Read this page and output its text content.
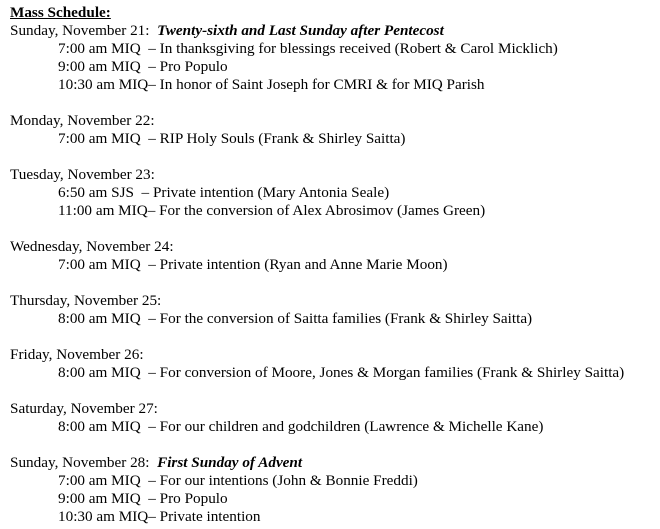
Mass Schedule:
Sunday, November 21: Twenty-sixth and Last Sunday after Pentecost
7:00 am MIQ – In thanksgiving for blessings received (Robert & Carol Micklich)
9:00 am MIQ – Pro Populo
10:30 am MIQ– In honor of Saint Joseph for CMRI & for MIQ Parish
Monday, November 22:
7:00 am MIQ – RIP Holy Souls (Frank & Shirley Saitta)
Tuesday, November 23:
6:50 am SJS – Private intention (Mary Antonia Seale)
11:00 am MIQ– For the conversion of Alex Abrosimov (James Green)
Wednesday, November 24:
7:00 am MIQ – Private intention (Ryan and Anne Marie Moon)
Thursday, November 25:
8:00 am MIQ – For the conversion of Saitta families (Frank & Shirley Saitta)
Friday, November 26:
8:00 am MIQ – For conversion of Moore, Jones & Morgan families (Frank & Shirley Saitta)
Saturday, November 27:
8:00 am MIQ – For our children and godchildren (Lawrence & Michelle Kane)
Sunday, November 28: First Sunday of Advent
7:00 am MIQ – For our intentions (John & Bonnie Freddi)
9:00 am MIQ – Pro Populo
10:30 am MIQ– Private intention
